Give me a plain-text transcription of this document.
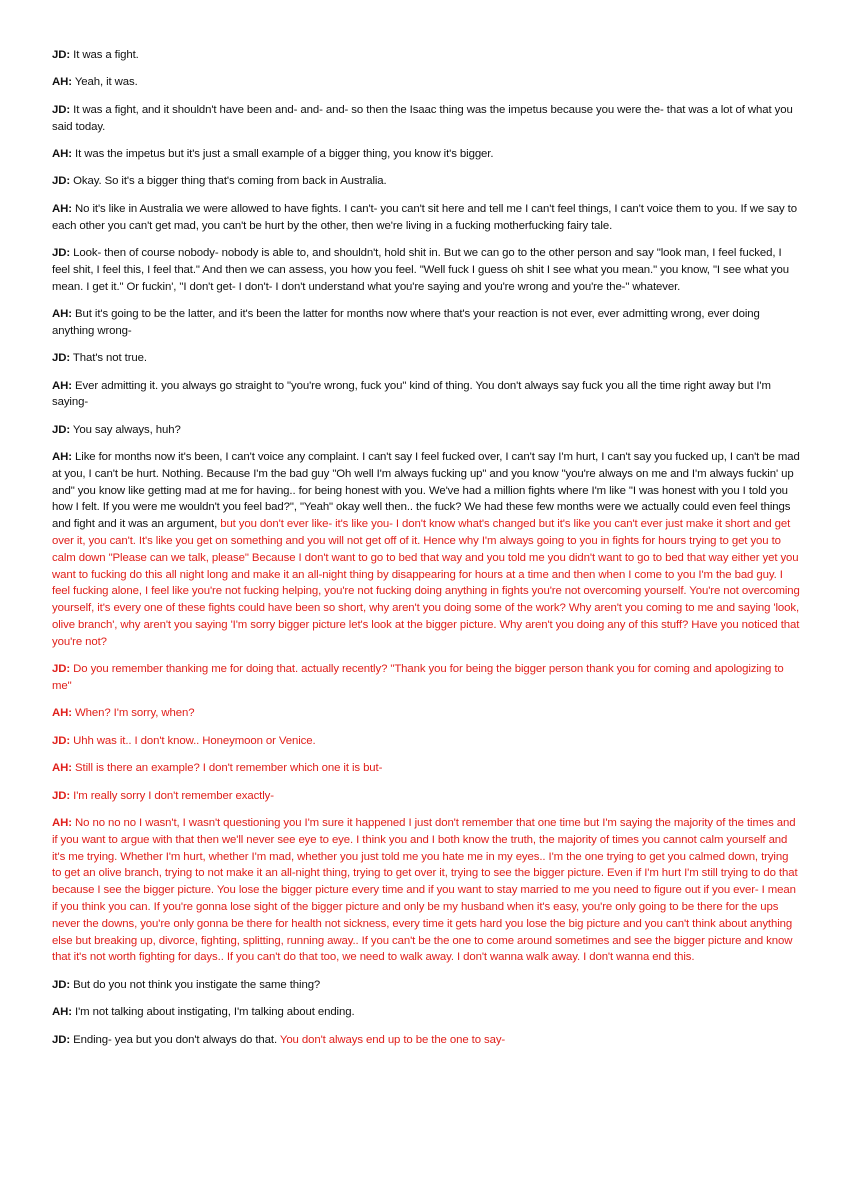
JD: It was a fight.

AH: Yeah, it was.

JD: It was a fight, and it shouldn't have been and- and- and- so then the Isaac thing was the impetus because you were the- that was a lot of what you said today.

AH: It was the impetus but it's just a small example of a bigger thing, you know it's bigger.

JD: Okay. So it's a bigger thing that's coming from back in Australia.

AH: No it's like in Australia we were allowed to have fights. I can't- you can't sit here and tell me I can't feel things, I can't voice them to you. If we say to each other you can't get mad, you can't be hurt by the other, then we're living in a fucking motherfucking fairy tale.

JD: Look- then of course nobody- nobody is able to, and shouldn't, hold shit in. But we can go to the other person and say "look man, I feel fucked, I feel shit, I feel this, I feel that." And then we can assess, you how you feel. "Well fuck I guess oh shit I see what you mean." you know, "I see what you mean. I get it." Or fuckin', "I don't get- I don't- I don't understand what you're saying and you're wrong and you're the-" whatever.

AH: But it's going to be the latter, and it's been the latter for months now where that's your reaction is not ever, ever admitting wrong, ever doing anything wrong-

JD: That's not true.

AH: Ever admitting it. you always go straight to "you're wrong, fuck you" kind of thing. You don't always say fuck you all the time right away but I'm saying-

JD: You say always, huh?

AH: Like for months now it's been, I can't voice any complaint. I can't say I feel fucked over, I can't say I'm hurt, I can't say you fucked up, I can't be mad at you, I can't be hurt. Nothing. Because I'm the bad guy "Oh well I'm always fucking up" and you know "you're always on me and I'm always fuckin' up and" you know like getting mad at me for having.. for being honest with you. We've had a million fights where I'm like "I was honest with you I told you how I felt. If you were me wouldn't you feel bad?", "Yeah" okay well then.. the fuck? We had these few months were we actually could even feel things and fight and it was an argument, but you don't ever like- it's like you- I don't know what's changed but it's like you can't ever just make it short and get over it, you can't. It's like you get on something and you will not get off of it. Hence why I'm always going to you in fights for hours trying to get you to calm down "Please can we talk, please" Because I don't want to go to bed that way and you told me you didn't want to go to bed that way either yet you want to fucking do this all night long and make it an all-night thing by disappearing for hours at a time and then when I come to you I'm the bad guy. I feel fucking alone, I feel like you're not fucking helping, you're not fucking doing anything in fights you're not overcoming yourself. You're not overcoming yourself, it's every one of these fights could have been so short, why aren't you doing some of the work? Why aren't you coming to me and saying 'look, olive branch', why aren't you saying 'I'm sorry bigger picture let's look at the bigger picture. Why aren't you doing any of this stuff? Have you noticed that you're not?

JD: Do you remember thanking me for doing that. actually recently? "Thank you for being the bigger person thank you for coming and apologizing to me"

AH: When? I'm sorry, when?

JD: Uhh was it.. I don't know.. Honeymoon or Venice.

AH: Still is there an example? I don't remember which one it is but-

JD: I'm really sorry I don't remember exactly-

AH: No no no no I wasn't, I wasn't questioning you I'm sure it happened I just don't remember that one time but I'm saying the majority of the times and if you want to argue with that then we'll never see eye to eye. I think you and I both know the truth, the majority of times you cannot calm yourself and it's me trying. Whether I'm hurt, whether I'm mad, whether you just told me you hate me in my eyes.. I'm the one trying to get you calmed down, trying to get an olive branch, trying to not make it an all-night thing, trying to get over it, trying to see the bigger picture. Even if I'm hurt I'm still trying to do that because I see the bigger picture. You lose the bigger picture every time and if you want to stay married to me you need to figure out if you ever- I mean if you think you can. If you're gonna lose sight of the bigger picture and only be my husband when it's easy, you're only going to be there for the ups never the downs, you're only gonna be there for health not sickness, every time it gets hard you lose the big picture and you can't think about anything else but breaking up, divorce, fighting, splitting, running away.. If you can't be the one to come around sometimes and see the bigger picture and know that it's not worth fighting for days.. If you can't do that too, we need to walk away. I don't wanna walk away. I don't wanna end this.

JD: But do you not think you instigate the same thing?

AH: I'm not talking about instigating, I'm talking about ending.

JD: Ending- yea but you don't always do that. You don't always end up to be the one to say-
